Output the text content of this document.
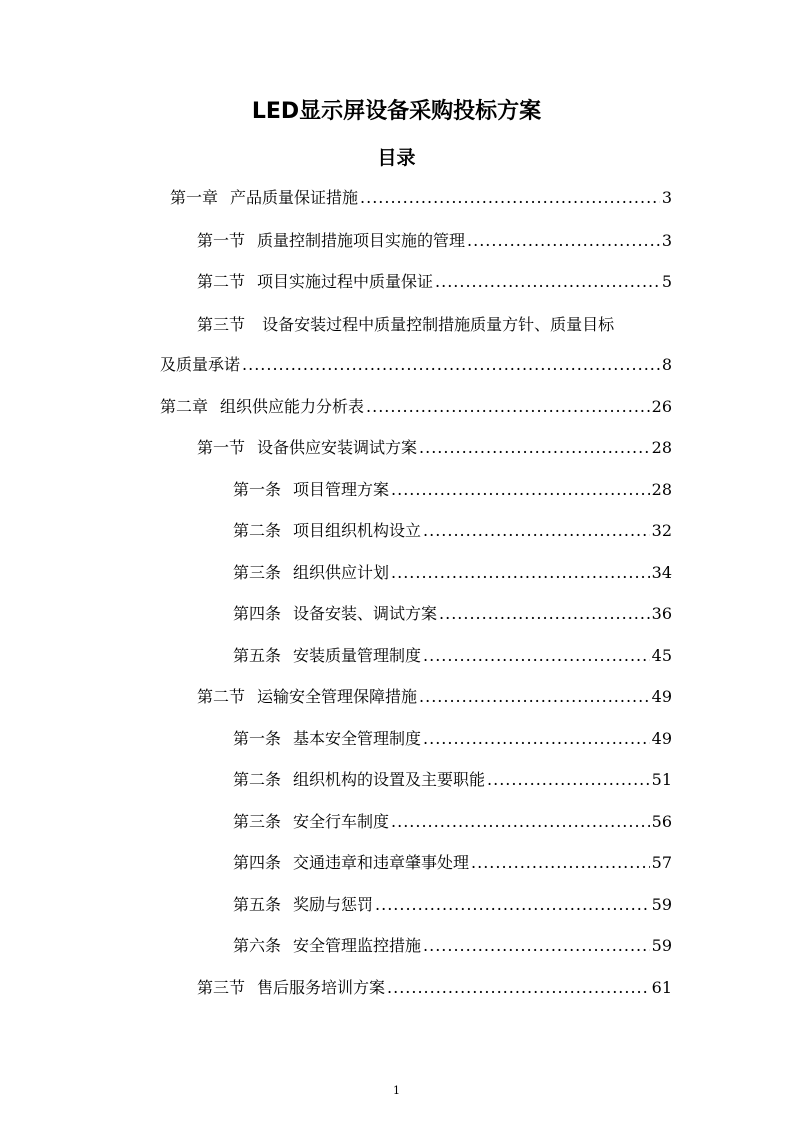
LED显示屏设备采购投标方案
目录
第一章 产品质量保证措施 .....	3
第一节 质量控制措施项目实施的管理 .....	3
第二节 项目实施过程中质量保证 .....	5
第三节 设备安装过程中质量控制措施质量方针、质量目标
及质量承诺 .....	8
第二章 组织供应能力分析表 .....	26
第一节 设备供应安装调试方案 .....	28
第一条 项目管理方案 .....	28
第二条 项目组织机构设立 .....	32
第三条 组织供应计划 .....	34
第四条 设备安装、调试方案 .....	36
第五条 安装质量管理制度 .....	45
第二节 运输安全管理保障措施 .....	49
第一条 基本安全管理制度 .....	49
第二条 组织机构的设置及主要职能 .....	51
第三条 安全行车制度 .....	56
第四条 交通违章和违章肇事处理 .....	57
第五条 奖励与惩罚 .....	59
第六条 安全管理监控措施 .....	59
第三节 售后服务培训方案 .....	61
1
